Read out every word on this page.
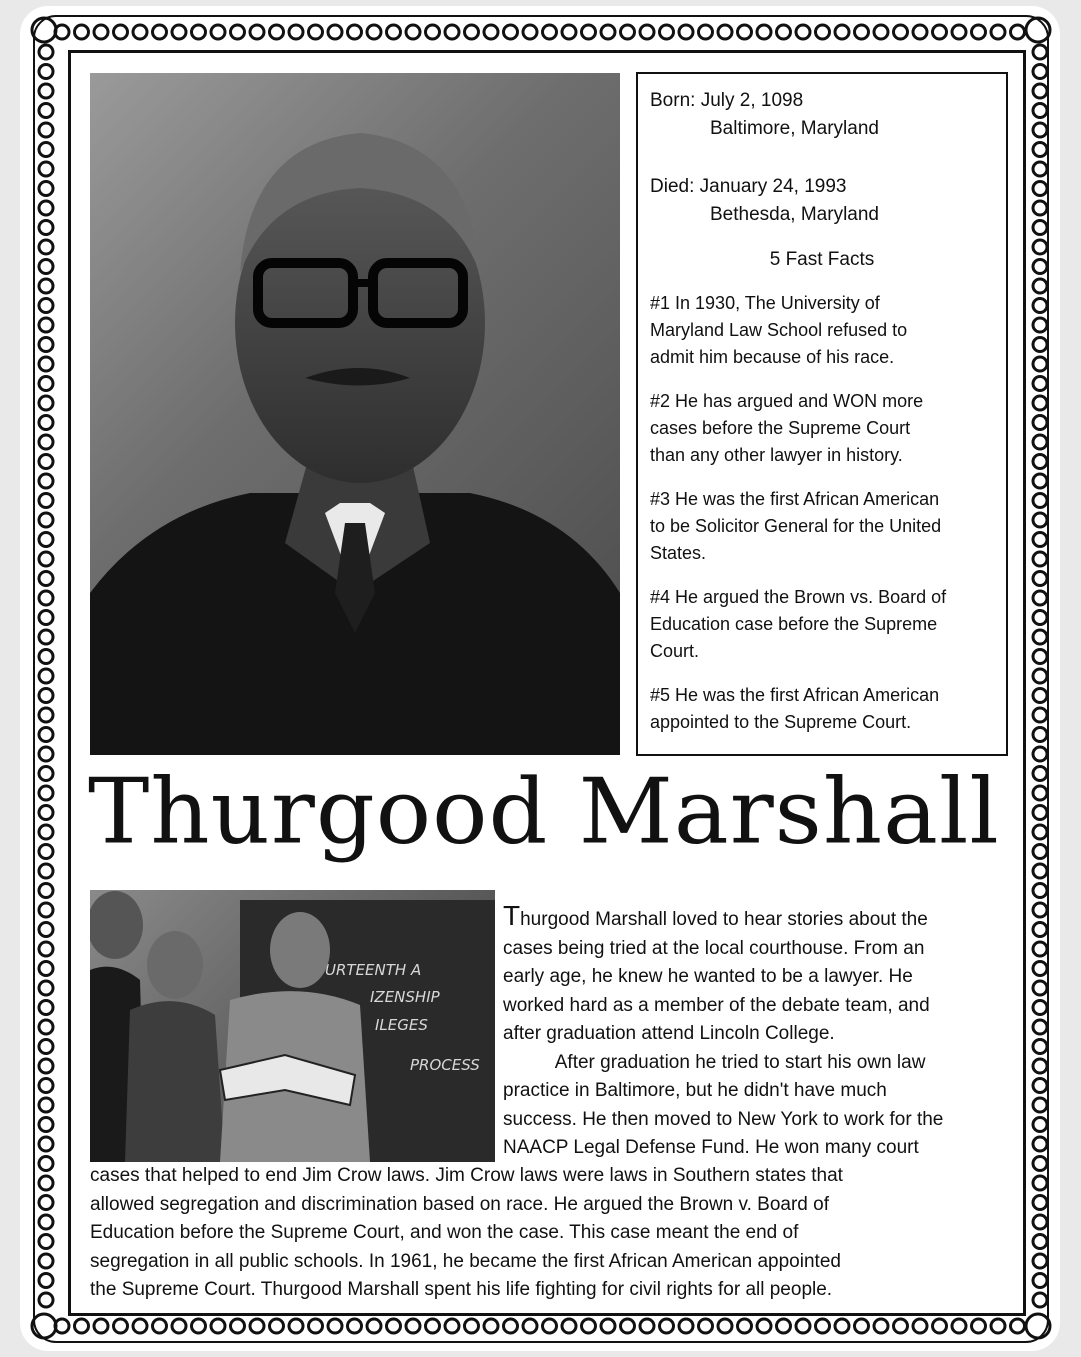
Born: July 2, 1098
Baltimore, Maryland
Died: January 24, 1993
Bethesda, Maryland
5 Fast Facts
#1 In 1930, The University of
Maryland Law School refused to
admit him because of his race.
#2 He has argued and WON more
cases before the Supreme Court
than any other lawyer in history.
#3 He was the first African American
to be Solicitor General for the United
States.
#4 He argued the Brown vs. Board of
Education case before the Supreme
Court.
#5 He was the first African American
appointed to the Supreme Court.
Thurgood Marshall
URTEENTH A
IZENSHIP
ILEGES
PROCESS
Thurgood Marshall loved to hear stories about the
cases being tried at the local courthouse. From an
early age, he knew he wanted to be a lawyer. He
worked hard as a member of the debate team, and
after graduation attend Lincoln College.
After graduation he tried to start his own law
practice in Baltimore, but he didn't have much
success. He then moved to New York to work for the
NAACP Legal Defense Fund. He won many court
cases that helped to end Jim Crow laws. Jim Crow laws were laws in Southern states that
allowed segregation and discrimination based on race. He argued the Brown v. Board of
Education before the Supreme Court, and won the case. This case meant the end of
segregation in all public schools. In 1961, he became the first African American appointed
the Supreme Court. Thurgood Marshall spent his life fighting for civil rights for all people.
